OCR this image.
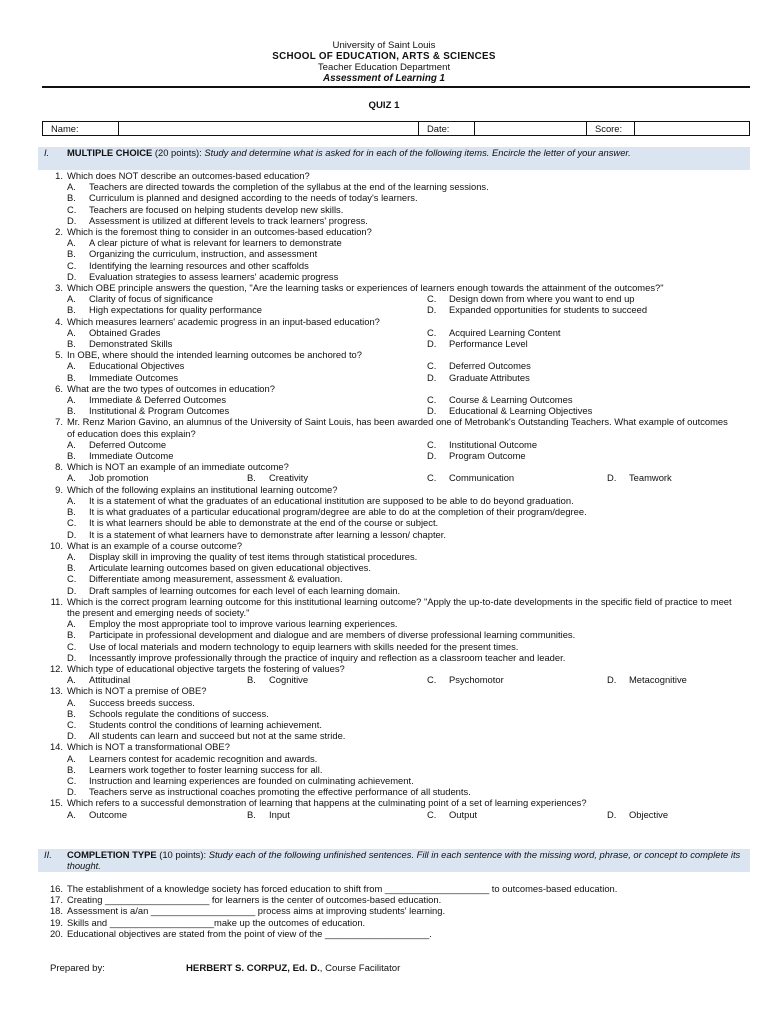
University of Saint Louis
SCHOOL OF EDUCATION, ARTS & SCIENCES
Teacher Education Department
Assessment of Learning 1
QUIZ 1
Name:		Date:		Score:	
I. MULTIPLE CHOICE (20 points): Study and determine what is asked for in each of the following items. Encircle the letter of your answer.
1. Which does NOT describe an outcomes-based education?
A. Teachers are directed towards the completion of the syllabus at the end of the learning sessions.
B. Curriculum is planned and designed according to the needs of today's learners.
C. Teachers are focused on helping students develop new skills.
D. Assessment is utilized at different levels to track learners' progress.
2. Which is the foremost thing to consider in an outcomes-based education?
A. A clear picture of what is relevant for learners to demonstrate
B. Organizing the curriculum, instruction, and assessment
C. Identifying the learning resources and other scaffolds
D. Evaluation strategies to assess learners' academic progress
3. Which OBE principle answers the question, "Are the learning tasks or experiences of learners enough towards the attainment of the outcomes?"
A. Clarity of focus of significance	C. Design down from where you want to end up
B. High expectations for quality performance	D. Expanded opportunities for students to succeed
4. Which measures learners' academic progress in an input-based education?
A. Obtained Grades	C. Acquired Learning Content
B. Demonstrated Skills	D. Performance Level
5. In OBE, where should the intended learning outcomes be anchored to?
A. Educational Objectives	C. Deferred Outcomes
B. Immediate Outcomes	D. Graduate Attributes
6. What are the two types of outcomes in education?
A. Immediate & Deferred Outcomes	C. Course & Learning Outcomes
B. Institutional & Program Outcomes	D. Educational & Learning Objectives
7. Mr. Renz Marion Gavino, an alumnus of the University of Saint Louis, has been awarded one of Metrobank's Outstanding Teachers. What example of outcomes of education does this explain?
A. Deferred Outcome	C. Institutional Outcome
B. Immediate Outcome	D. Program Outcome
8. Which is NOT an example of an immediate outcome?
A. Job promotion	B. Creativity	C. Communication	D. Teamwork
9. Which of the following explains an institutional learning outcome?
A. It is a statement of what the graduates of an educational institution are supposed to be able to do beyond graduation.
B. It is what graduates of a particular educational program/degree are able to do at the completion of their program/degree.
C. It is what learners should be able to demonstrate at the end of the course or subject.
D. It is a statement of what learners have to demonstrate after learning a lesson/ chapter.
10. What is an example of a course outcome?
A. Display skill in improving the quality of test items through statistical procedures.
B. Articulate learning outcomes based on given educational objectives.
C. Differentiate among measurement, assessment & evaluation.
D. Draft samples of learning outcomes for each level of each learning domain.
11. Which is the correct program learning outcome for this institutional learning outcome? "Apply the up-to-date developments in the specific field of practice to meet the present and emerging needs of society."
A. Employ the most appropriate tool to improve various learning experiences.
B. Participate in professional development and dialogue and are members of diverse professional learning communities.
C. Use of local materials and modern technology to equip learners with skills needed for the present times.
D. Incessantly improve professionally through the practice of inquiry and reflection as a classroom teacher and leader.
12. Which type of educational objective targets the fostering of values?
A. Attitudinal	B. Cognitive	C. Psychomotor	D. Metacognitive
13. Which is NOT a premise of OBE?
A. Success breeds success.
B. Schools regulate the conditions of success.
C. Students control the conditions of learning achievement.
D. All students can learn and succeed but not at the same stride.
14. Which is NOT a transformational OBE?
A. Learners contest for academic recognition and awards.
B. Learners work together to foster learning success for all.
C. Instruction and learning experiences are founded on culminating achievement.
D. Teachers serve as instructional coaches promoting the effective performance of all students.
15. Which refers to a successful demonstration of learning that happens at the culminating point of a set of learning experiences?
A. Outcome	B. Input	C. Output	D. Objective
II. COMPLETION TYPE (10 points): Study each of the following unfinished sentences. Fill in each sentence with the missing word, phrase, or concept to complete its thought.
16. The establishment of a knowledge society has forced education to shift from ____________________ to outcomes-based education.
17. Creating ____________________ for learners is the center of outcomes-based education.
18. Assessment is a/an ____________________ process aims at improving students' learning.
19. Skills and ____________________make up the outcomes of education.
20. Educational objectives are stated from the point of view of the ____________________.
Prepared by:	HERBERT S. CORPUZ, Ed. D., Course Facilitator
